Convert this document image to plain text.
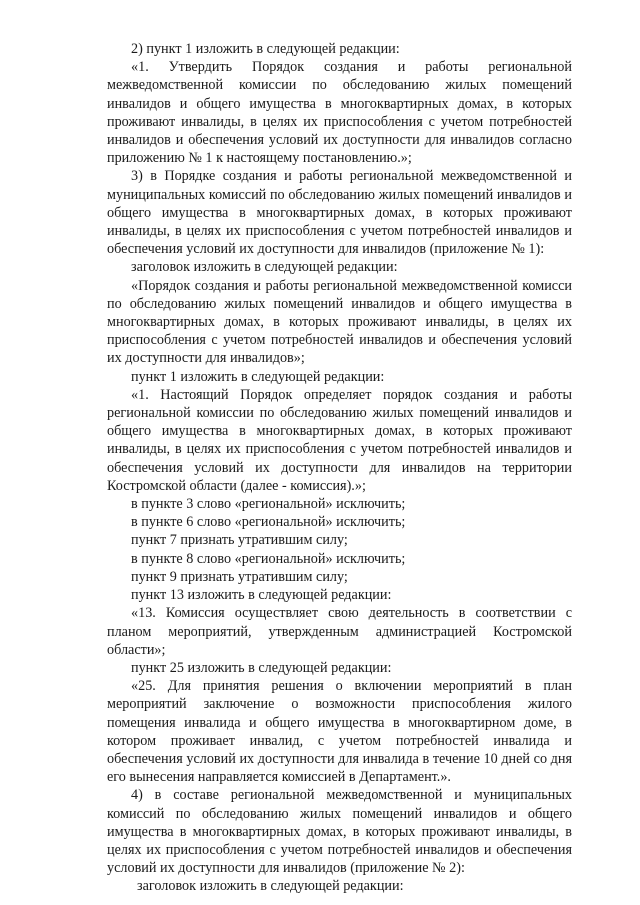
2) пункт 1 изложить в следующей редакции:

«1. Утвердить Порядок создания и работы региональной межведомственной комиссии по обследованию жилых помещений инвалидов и общего имущества в многоквартирных домах, в которых проживают инвалиды, в целях их приспособления с учетом потребностей инвалидов и обеспечения условий их доступности для инвалидов согласно приложению № 1 к настоящему постановлению.»;

3) в Порядке создания и работы региональной межведомственной и муниципальных комиссий по обследованию жилых помещений инвалидов и общего имущества в многоквартирных домах, в которых проживают инвалиды, в целях их приспособления с учетом потребностей инвалидов и обеспечения условий их доступности для инвалидов (приложение № 1):

заголовок изложить в следующей редакции:

«Порядок создания и работы региональной межведомственной комисси по обследованию жилых помещений инвалидов и общего имущества в многоквартирных домах, в которых проживают инвалиды, в целях их приспособления с учетом потребностей инвалидов и обеспечения условий их доступности для инвалидов»;

пункт 1 изложить в следующей редакции:

«1. Настоящий Порядок определяет порядок создания и работы региональной комиссии по обследованию жилых помещений инвалидов и общего имущества в многоквартирных домах, в которых проживают инвалиды, в целях их приспособления с учетом потребностей инвалидов и обеспечения условий их доступности для инвалидов на территории Костромской области (далее - комиссия).»;

в пункте 3 слово «региональной» исключить;

в пункте 6 слово «региональной» исключить;

пункт 7 признать утратившим силу;

в пункте 8 слово «региональной» исключить;

пункт 9 признать утратившим силу;

пункт 13 изложить в следующей редакции:

«13. Комиссия осуществляет свою деятельность в соответствии с планом мероприятий, утвержденным администрацией Костромской области»;

пункт 25 изложить в следующей редакции:

«25. Для принятия решения о включении мероприятий в план мероприятий заключение о возможности приспособления жилого помещения инвалида и общего имущества в многоквартирном доме, в котором проживает инвалид, с учетом потребностей инвалида и обеспечения условий их доступности для инвалида в течение 10 дней со дня его вынесения направляется комиссией в Департамент.».

4) в составе региональной межведомственной и муниципальных комиссий по обследованию жилых помещений инвалидов и общего имущества в многоквартирных домах, в которых проживают инвалиды, в целях их приспособления с учетом потребностей инвалидов и обеспечения условий их доступности для инвалидов (приложение № 2):

заголовок изложить в следующей редакции:
